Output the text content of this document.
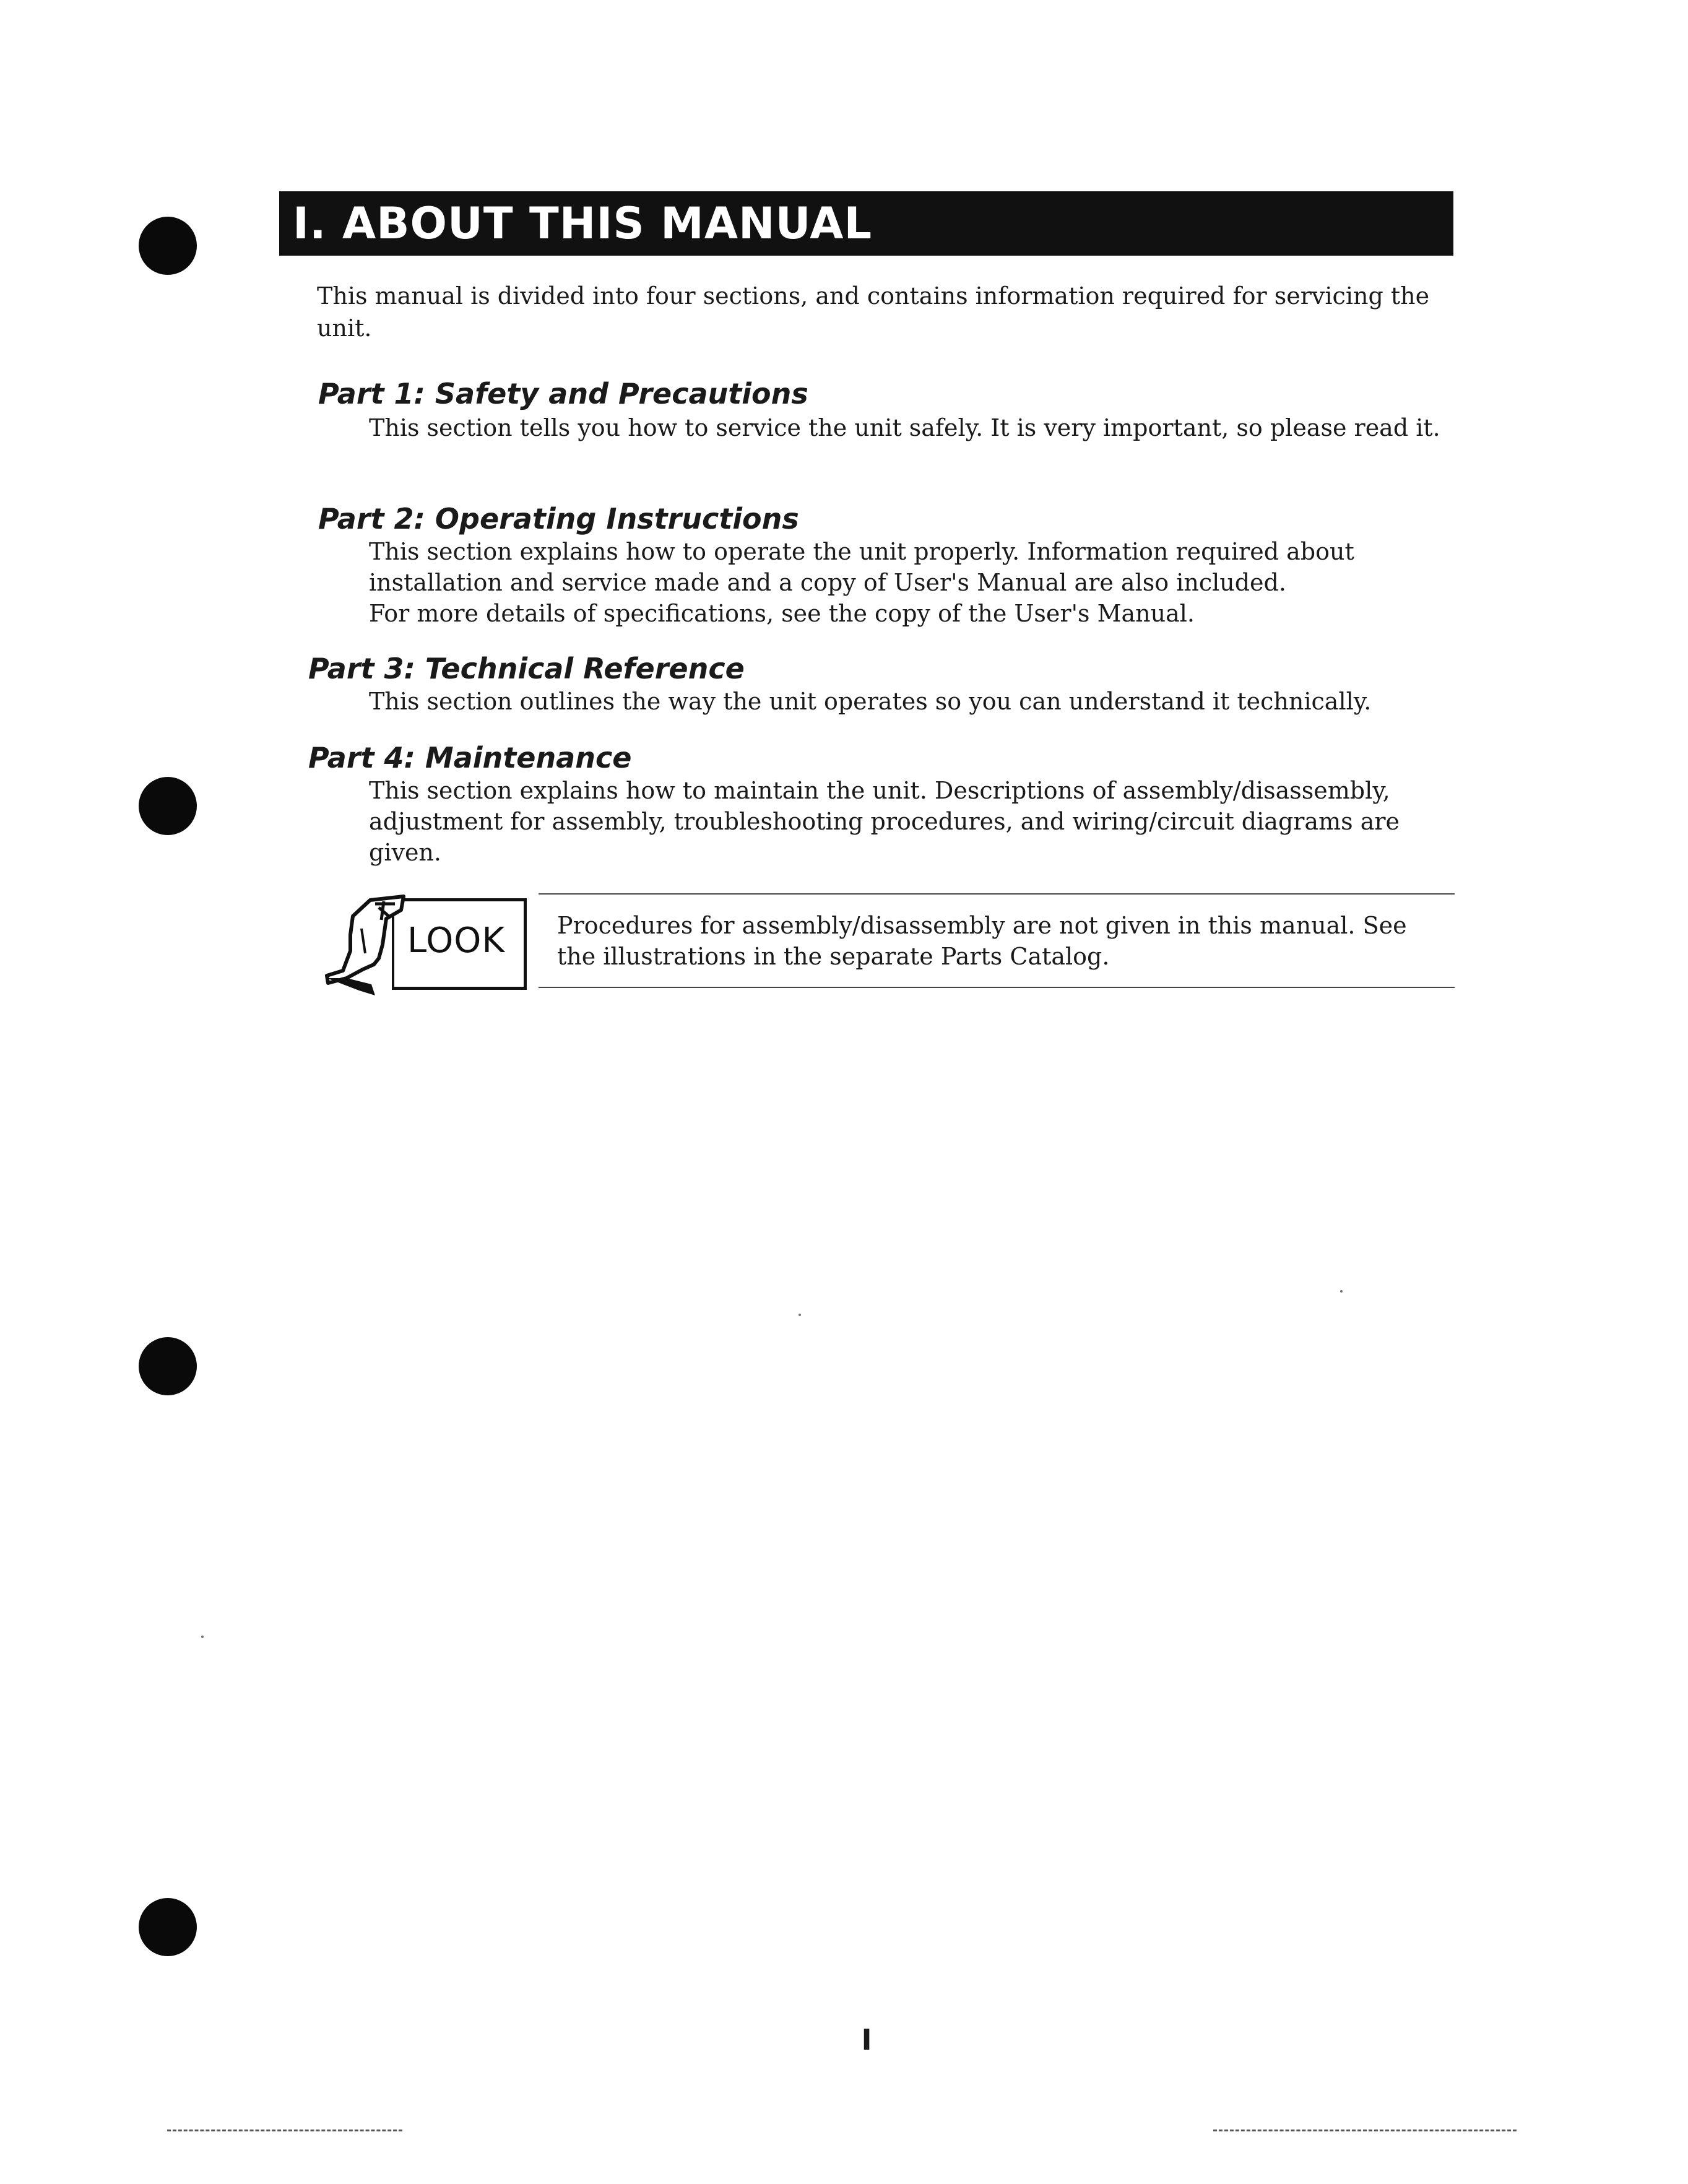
I. ABOUT THIS MANUAL

This manual is divided into four sections, and contains information required for servicing the unit.

Part 1: Safety and Precautions

This section tells you how to service the unit safely. It is very important, so please read it.

Part 2: Operating Instructions

This section explains how to operate the unit properly. Information required about installation and service made and a copy of User's Manual are also included.

For more details of specifications, see the copy of the User's Manual.

Part 3: Technical Reference

This section outlines the way the unit operates so you can understand it technically.

Part 4: Maintenance

This section explains how to maintain the unit. Descriptions of assembly/disassembly, adjustment for assembly, troubleshooting procedures, and wiring/circuit diagrams are given.

LOOK Procedures for assembly/disassembly are not given in this manual. See the illustrations in the separate Parts Catalog.

I
